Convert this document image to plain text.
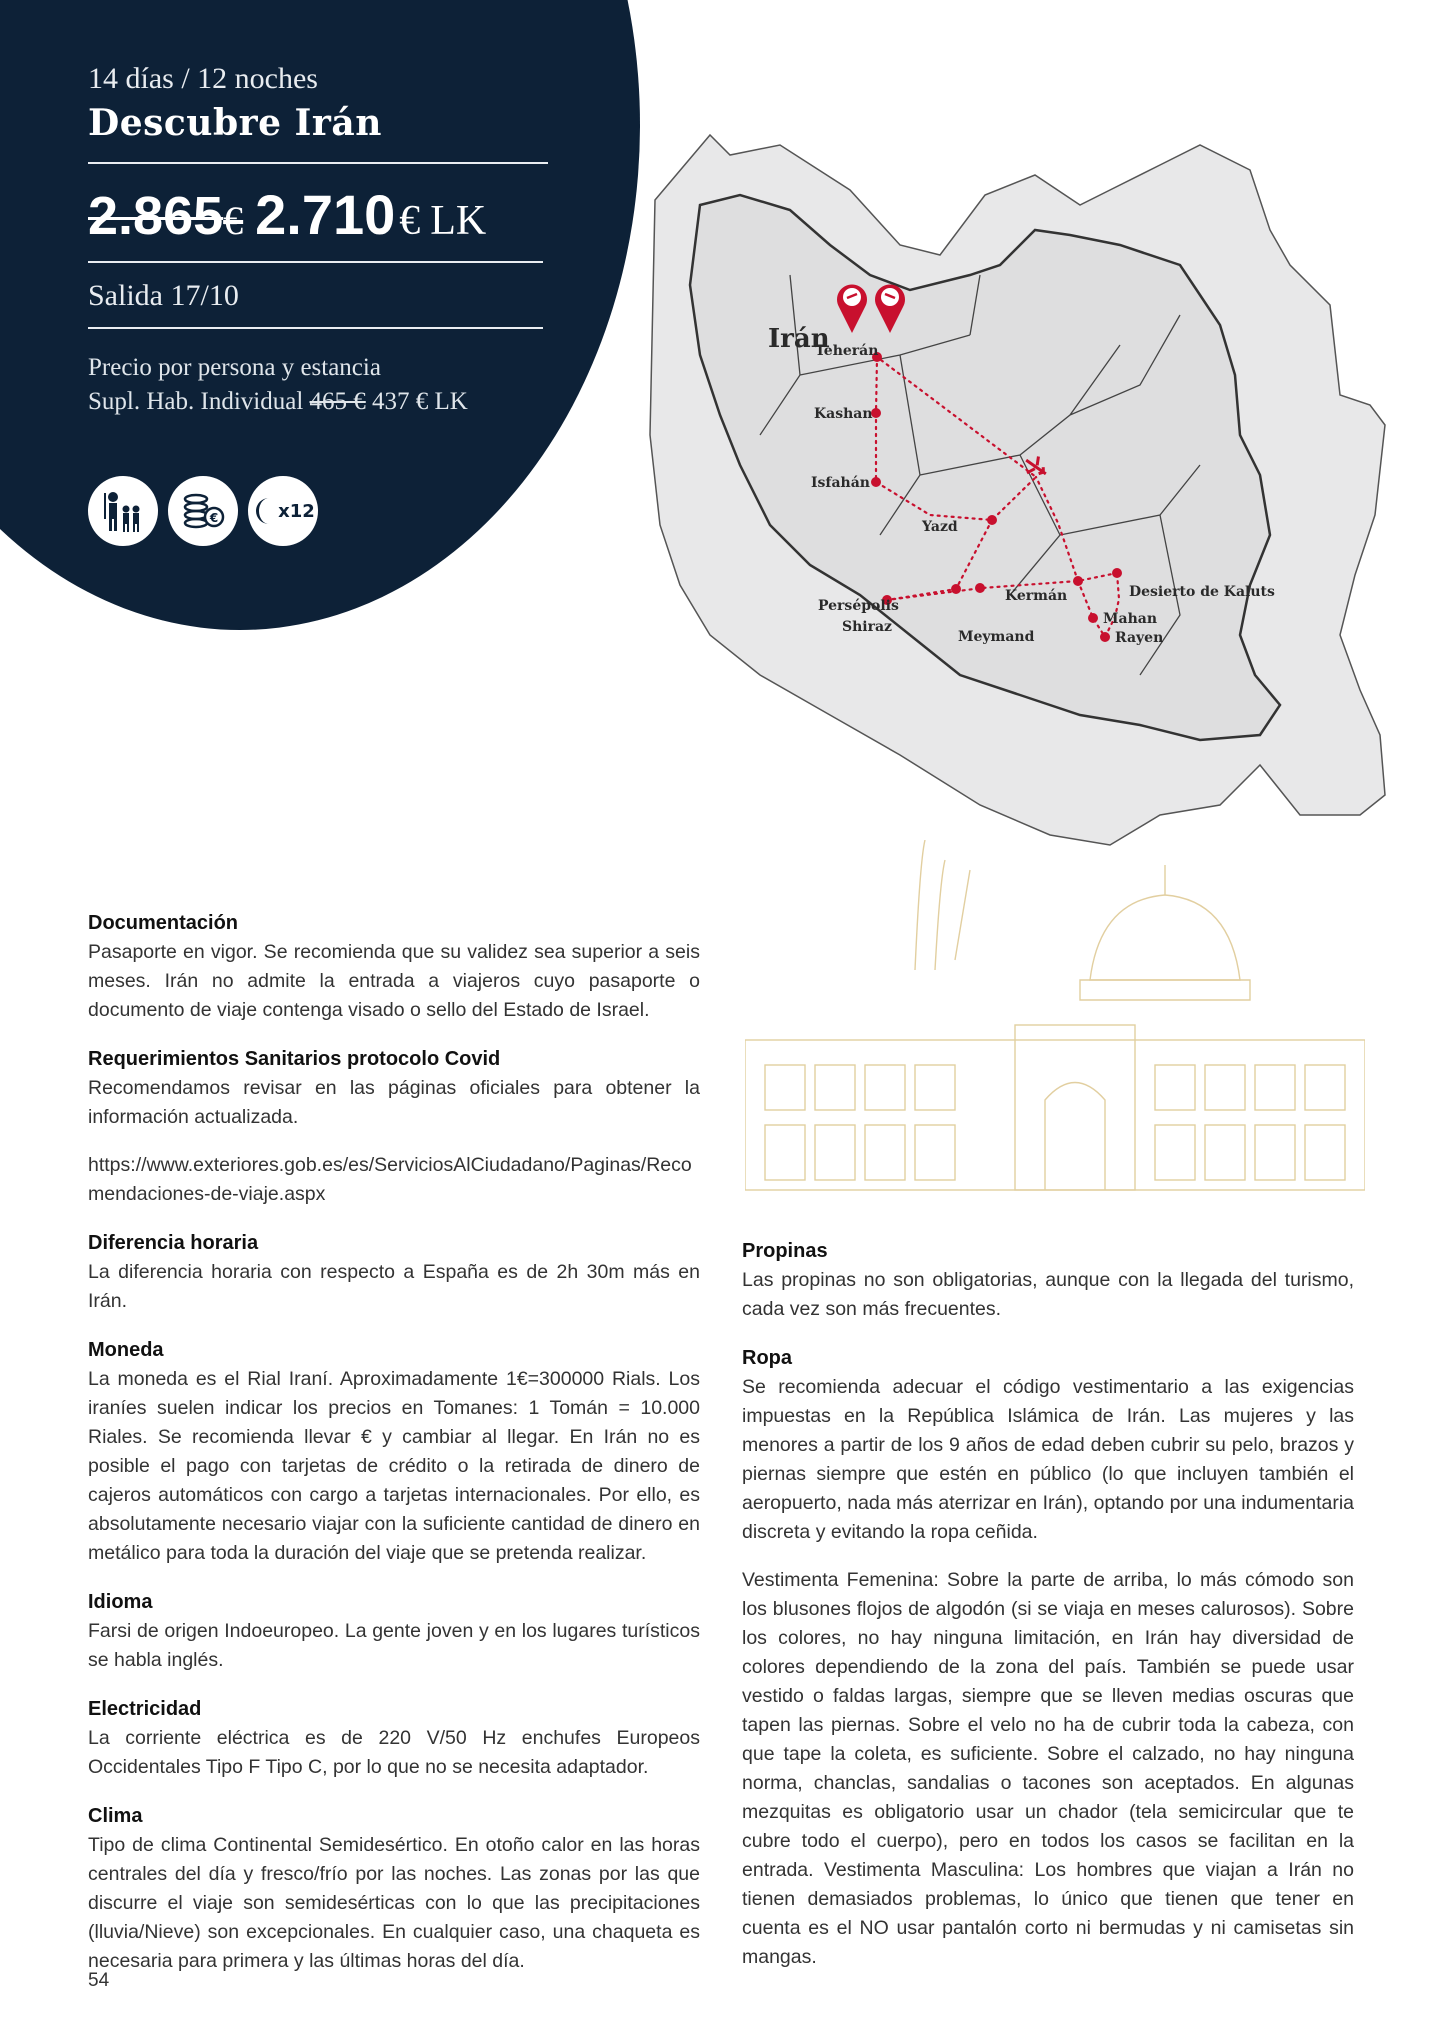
14 días / 12 noches
Descubre Irán
2.865 € 2.710 € LK
Salida 17/10
Precio por persona y estancia
Supl. Hab. Individual 465 € 437 € LK
€	x12
Irán
Teherán
Kashan
Isfahán
Yazd
Persépolis
Shiraz
Meymand
Kermán
Mahan
Rayen
Desierto de Kaluts
Documentación

Pasaporte en vigor. Se recomienda que su validez sea superior a seis meses. Irán no admite la entrada a viajeros cuyo pasaporte o documento de viaje contenga visado o sello del Estado de Israel.

Requerimientos Sanitarios protocolo Covid

Recomendamos revisar en las páginas oficiales para obtener la información actualizada.

https://www.exteriores.gob.es/es/ServiciosAlCiudadano/Paginas/Recomendaciones-de-viaje.aspx

Diferencia horaria

La diferencia horaria con respecto a España es de 2h 30m más en Irán.

Moneda

La moneda es el Rial Iraní. Aproximadamente 1€=300000 Rials. Los iraníes suelen indicar los precios en Tomanes: 1 Tomán = 10.000 Riales. Se recomienda llevar € y cambiar al llegar. En Irán no es posible el pago con tarjetas de crédito o la retirada de dinero de cajeros automáticos con cargo a tarjetas internacionales. Por ello, es absolutamente necesario viajar con la suficiente cantidad de dinero en metálico para toda la duración del viaje que se pretenda realizar.

Idioma

Farsi de origen Indoeuropeo. La gente joven y en los lugares turísticos se habla inglés.

Electricidad

La corriente eléctrica es de 220 V/50 Hz enchufes Europeos Occidentales Tipo F Tipo C, por lo que no se necesita adaptador.

Clima

Tipo de clima Continental Semidesértico. En otoño calor en las horas centrales del día y fresco/frío por las noches. Las zonas por las que discurre el viaje son semidesérticas con lo que las precipitaciones (lluvia/Nieve) son excepcionales. En cualquier caso, una chaqueta es necesaria para primera y las últimas horas del día.

Propinas

Las propinas no son obligatorias, aunque con la llegada del turismo, cada vez son más frecuentes.

Ropa

Se recomienda adecuar el código vestimentario a las exigencias impuestas en la República Islámica de Irán. Las mujeres y las menores a partir de los 9 años de edad deben cubrir su pelo, brazos y piernas siempre que estén en público (lo que incluyen también el aeropuerto, nada más aterrizar en Irán), optando por una indumentaria discreta y evitando la ropa ceñida.

Vestimenta Femenina: Sobre la parte de arriba, lo más cómodo son los blusones flojos de algodón (si se viaja en meses calurosos). Sobre los colores, no hay ninguna limitación, en Irán hay diversidad de colores dependiendo de la zona del país. También se puede usar vestido o faldas largas, siempre que se lleven medias oscuras que tapen las piernas. Sobre el velo no ha de cubrir toda la cabeza, con que tape la coleta, es suficiente. Sobre el calzado, no hay ninguna norma, chanclas, sandalias o tacones son aceptados. En algunas mezquitas es obligatorio usar un chador (tela semicircular que te cubre todo el cuerpo), pero en todos los casos se facilitan en la entrada. Vestimenta Masculina: Los hombres que viajan a Irán no tienen demasiados problemas, lo único que tienen que tener en cuenta es el NO usar pantalón corto ni bermudas y ni camisetas sin mangas.

54
